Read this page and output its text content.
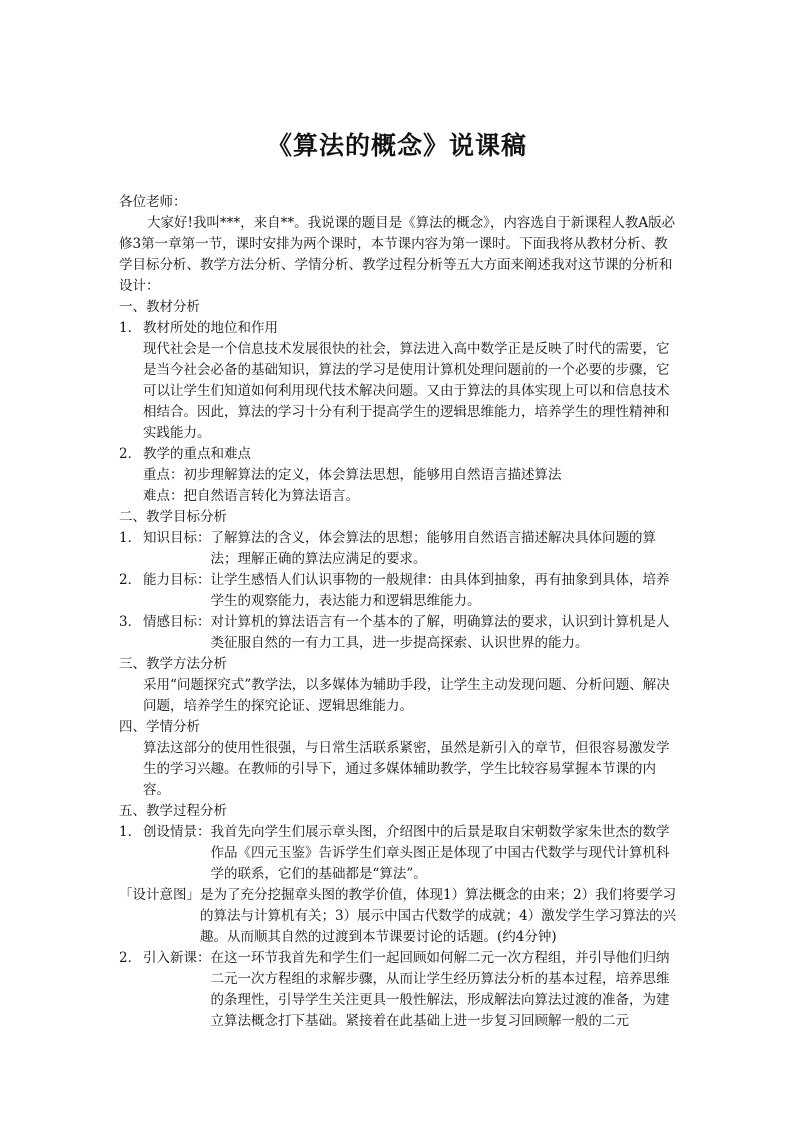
《算法的概念》说课稿

各位老师：

大家好!我叫***，来自**。我说课的题目是《算法的概念》，内容选自于新课程人教A版必修3第一章第一节，课时安排为两个课时，本节课内容为第一课时。下面我将从教材分析、教学目标分析、教学方法分析、学情分析、教学过程分析等五大方面来阐述我对这节课的分析和设计：

一、教材分析

1． 教材所处的地位和作用

现代社会是一个信息技术发展很快的社会，算法进入高中数学正是反映了时代的需要，它是当今社会必备的基础知识，算法的学习是使用计算机处理问题前的一个必要的步骤，它可以让学生们知道如何利用现代技术解决问题。又由于算法的具体实现上可以和信息技术相结合。因此，算法的学习十分有利于提高学生的逻辑思维能力，培养学生的理性精神和实践能力。

2． 教学的重点和难点

重点：初步理解算法的定义，体会算法思想，能够用自然语言描述算法

难点：把自然语言转化为算法语言。

二、教学目标分析

1． 知识目标： 了解算法的含义，体会算法的思想；能够用自然语言描述解决具体问题的算法；理解正确的算法应满足的要求。
2． 能力目标： 让学生感悟人们认识事物的一般规律：由具体到抽象，再有抽象到具体，培养学生的观察能力，表达能力和逻辑思维能力。
3． 情感目标： 对计算机的算法语言有一个基本的了解，明确算法的要求，认识到计算机是人类征服自然的一有力工具，进一步提高探索、认识世界的能力。

三、教学方法分析

采用“问题探究式”教学法，以多媒体为辅助手段，让学生主动发现问题、分析问题、解决问题，培养学生的探究论证、逻辑思维能力。

四、学情分析

算法这部分的使用性很强，与日常生活联系紧密，虽然是新引入的章节，但很容易激发学生的学习兴趣。在教师的引导下，通过多媒体辅助教学，学生比较容易掌握本节课的内容。

五、教学过程分析

1． 创设情景： 我首先向学生们展示章头图，介绍图中的后景是取自宋朝数学家朱世杰的数学作品《四元玉鉴》告诉学生们章头图正是体现了中国古代数学与现代计算机科学的联系，它们的基础都是“算法”。
「设计意图」 是为了充分挖掘章头图的教学价值，体现1）算法概念的由来；2）我们将要学习的算法与计算机有关；3）展示中国古代数学的成就；4）激发学生学习算法的兴趣。从而顺其自然的过渡到本节课要讨论的话题。(约4分钟)
2． 引入新课： 在这一环节我首先和学生们一起回顾如何解二元一次方程组，并引导他们归纳二元一次方程组的求解步骤，从而让学生经历算法分析的基本过程，培养思维的条理性，引导学生关注更具一般性解法，形成解法向算法过渡的准备，为建立算法概念打下基础。紧接着在此基础上进一步复习回顾解一般的二元
